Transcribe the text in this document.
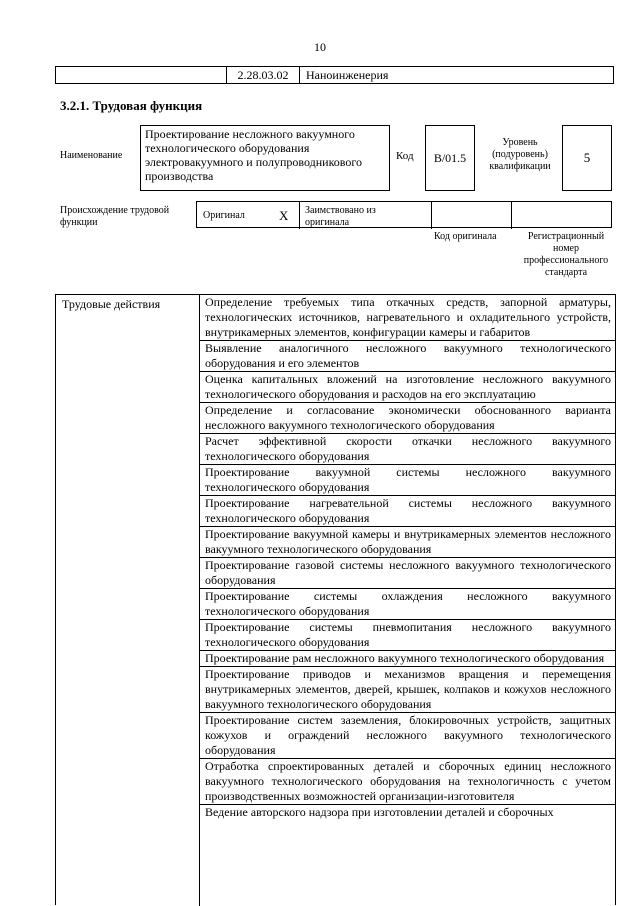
10
2.28.03.02	Наноинженерия
3.2.1. Трудовая функция
Наименование
Проектирование несложного вакуумного технологического оборудования электровакуумного и полупроводникового производства
Код	B/01.5
Уровень (подуровень) квалификации
5
Происхождение трудовой функции
Оригинал	X Заимствовано из оригинала
Код оригинала	Регистрационный номер профессионального стандарта
Трудовые действия	Определение требуемых типа откачных средств, запорной арматуры, технологических источников, нагревательного и охладительного устройств, внутрикамерных элементов, конфигурации камеры и габаритов
Выявление аналогичного несложного вакуумного технологического оборудования и его элементов
Оценка капитальных вложений на изготовление несложного вакуумного технологического оборудования и расходов на его эксплуатацию
Определение и согласование экономически обоснованного варианта несложного вакуумного технологического оборудования
Расчет эффективной скорости откачки несложного вакуумного технологического оборудования
Проектирование вакуумной системы несложного вакуумного технологического оборудования
Проектирование нагревательной системы несложного вакуумного технологического оборудования
Проектирование вакуумной камеры и внутрикамерных элементов несложного вакуумного технологического оборудования
Проектирование газовой системы несложного вакуумного технологического оборудования
Проектирование системы охлаждения несложного вакуумного технологического оборудования
Проектирование системы пневмопитания несложного вакуумного технологического оборудования
Проектирование рам несложного вакуумного технологического оборудования
Проектирование приводов и механизмов вращения и перемещения внутрикамерных элементов, дверей, крышек, колпаков и кожухов несложного вакуумного технологического оборудования
Проектирование систем заземления, блокировочных устройств, защитных кожухов и ограждений несложного вакуумного технологического оборудования
Отработка спроектированных деталей и сборочных единиц несложного вакуумного технологического оборудования на технологичность с учетом производственных возможностей организации-изготовителя
Ведение авторского надзора при изготовлении деталей и сборочных
